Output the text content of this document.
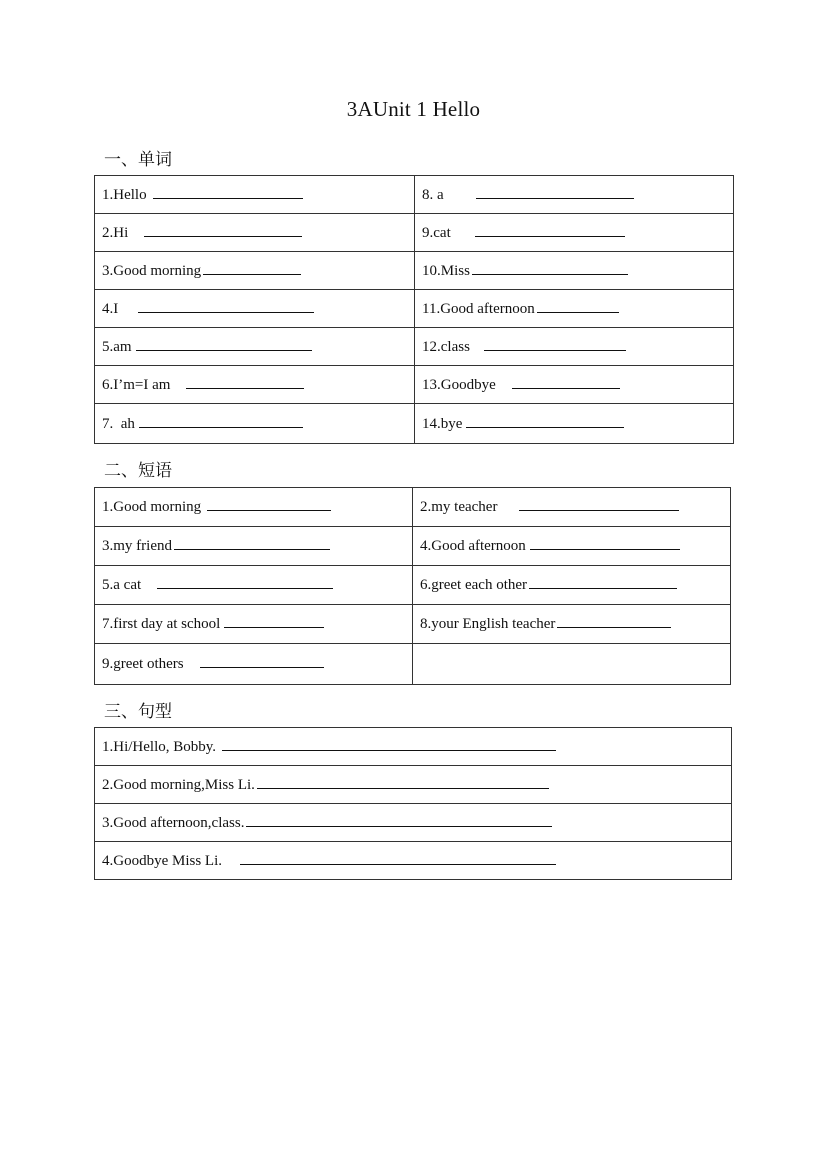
3AUnit 1 Hello
一、单词
1.Hello	8. a
2.Hi	9.cat
3.Good morning	10.Miss
4.I	11.Good afternoon
5.am	12.class
6.I’m=I am	13.Goodbye
7.  ah	14.bye
二、短语
1.Good morning	2.my teacher
3.my friend	4.Good afternoon
5.a cat	6.greet each other
7.first day at school	8.your English teacher
9.greet others	
三、句型
1.Hi/Hello, Bobby.
2.Good morning,Miss Li.
3.Good afternoon,class.
4.Goodbye Miss Li.
